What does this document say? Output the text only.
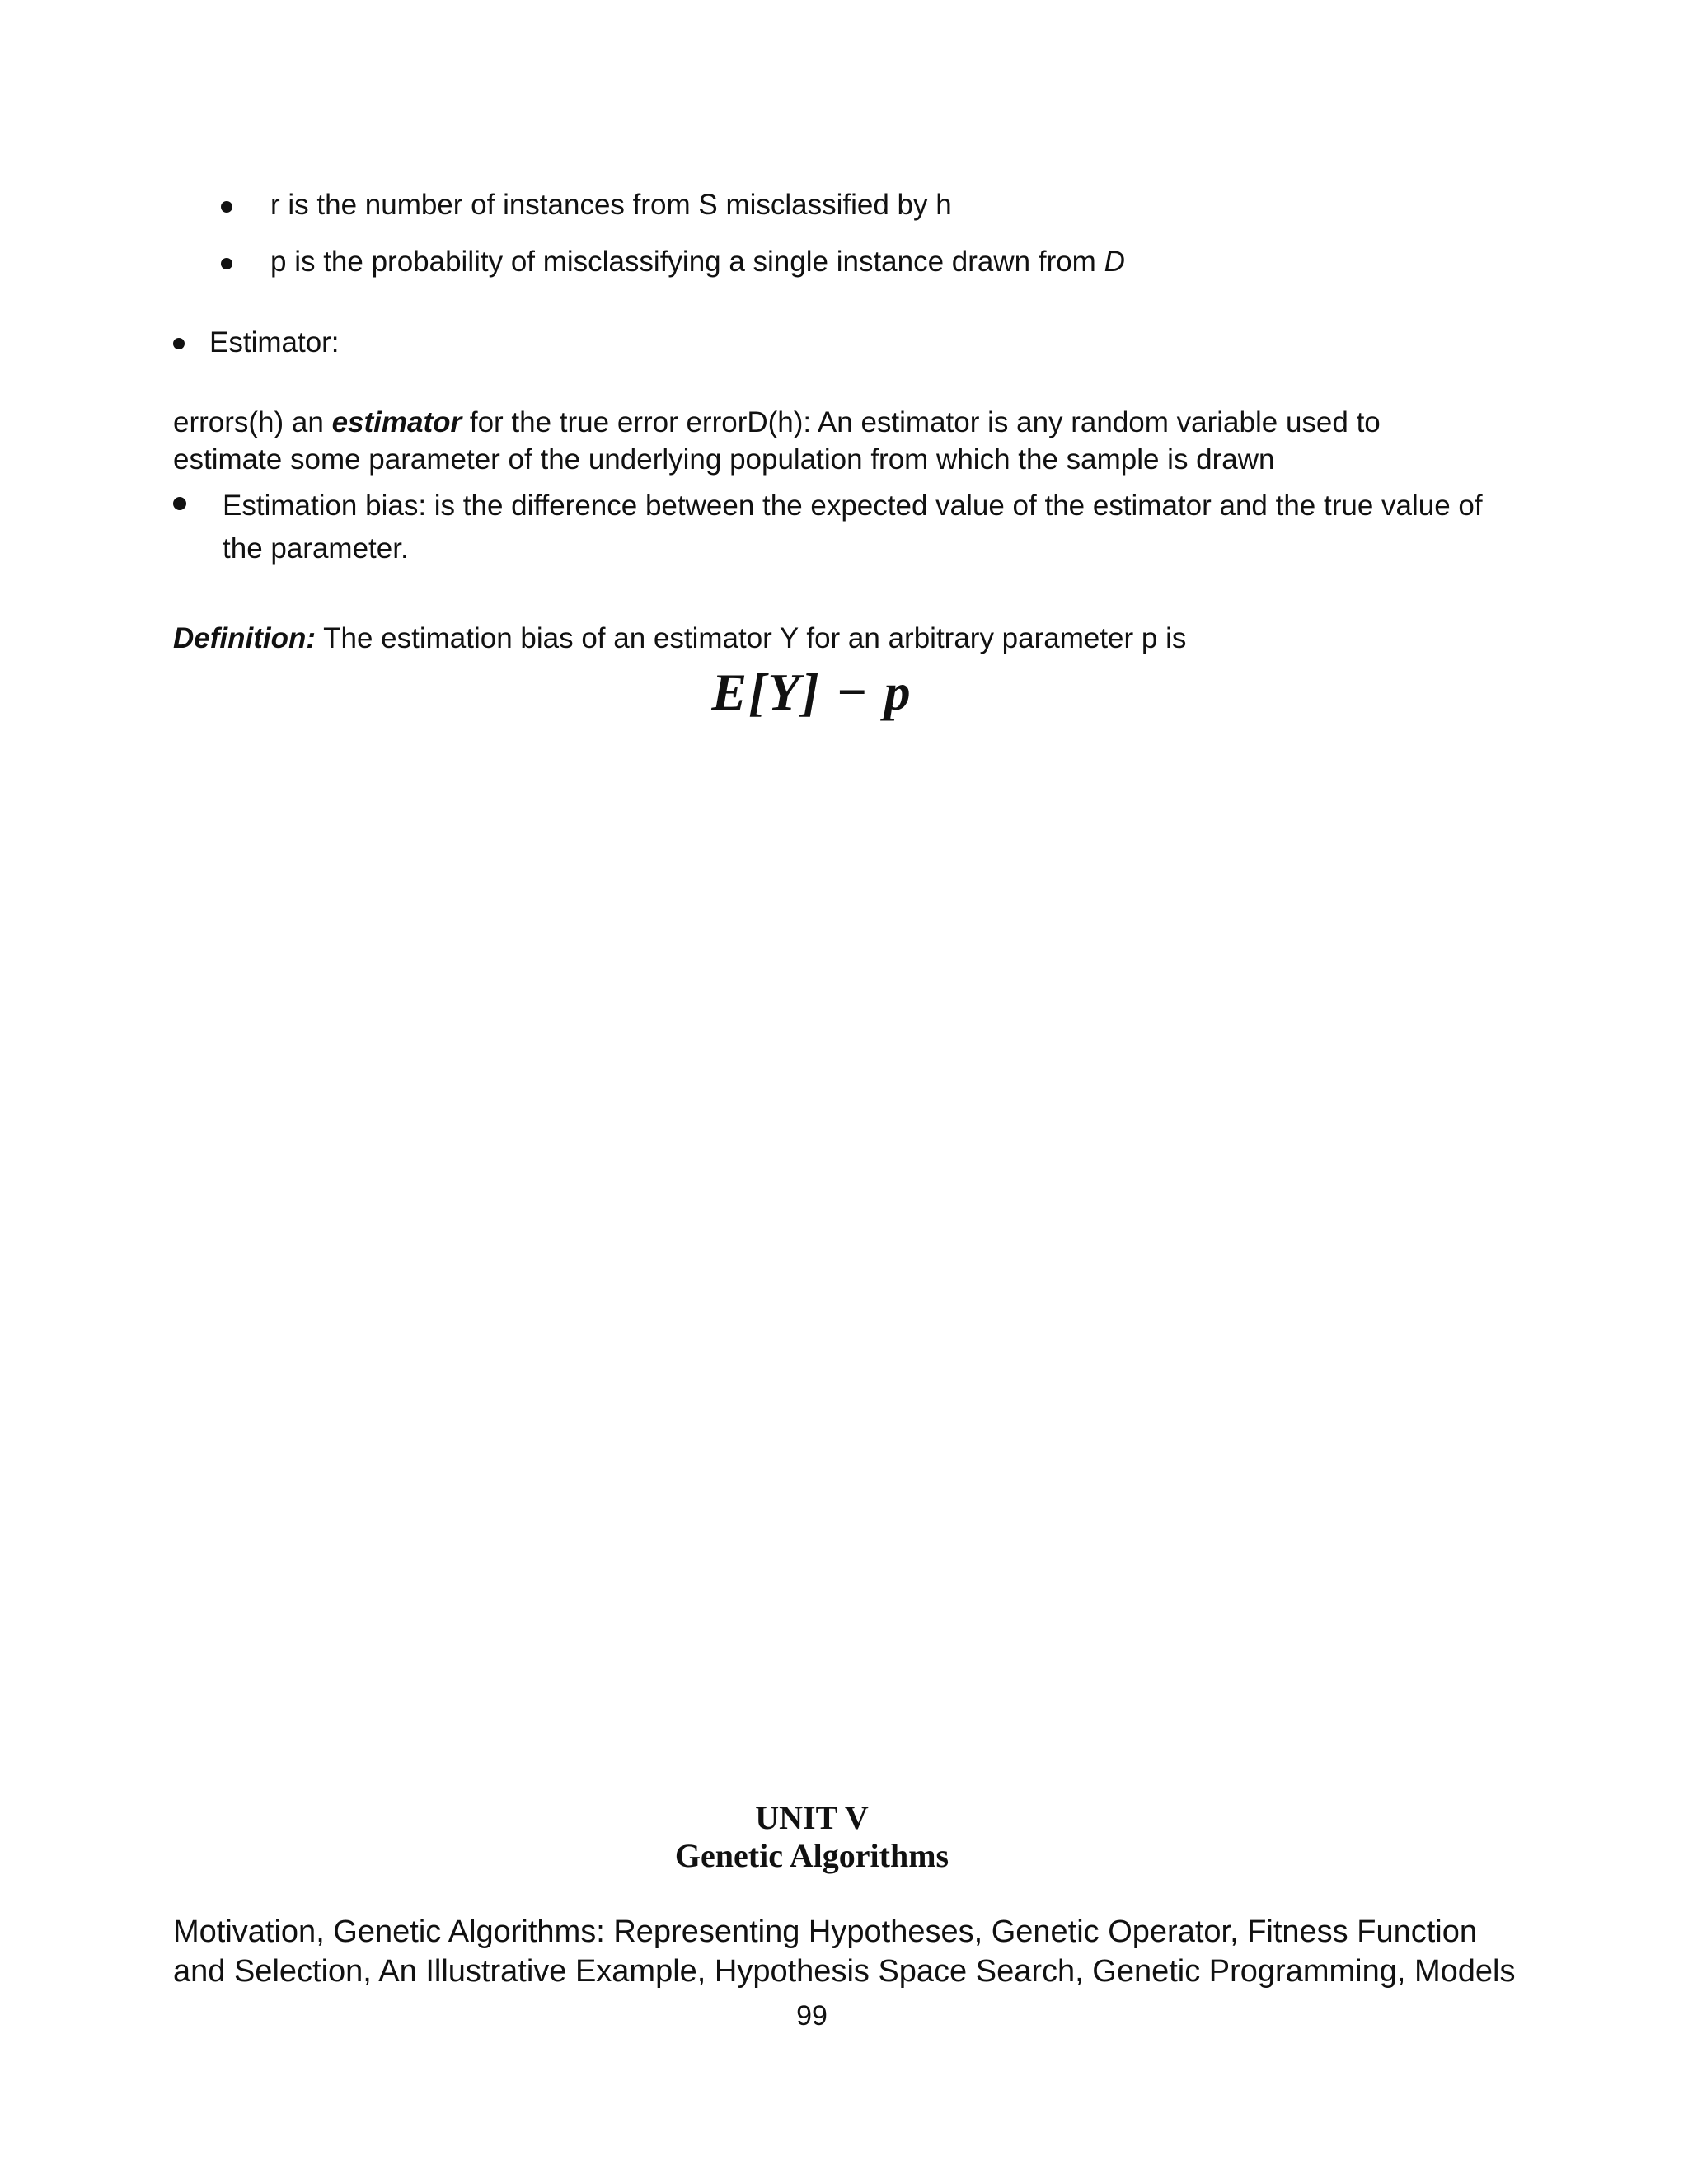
r is the number of instances from S misclassified by h
p is the probability of misclassifying a single instance drawn from D
Estimator:
errors(h) an estimator for the true error errorD(h): An estimator is any random variable used to
estimate some parameter of the underlying population from which the sample is drawn
Estimation bias: is the difference between the expected value of the estimator and the true value of
the parameter.
Definition: The estimation bias of an estimator Y for an arbitrary parameter p is
E[Y] − p
UNIT V
Genetic Algorithms
Motivation, Genetic Algorithms: Representing Hypotheses, Genetic Operator, Fitness Function
and Selection, An Illustrative Example, Hypothesis Space Search, Genetic Programming, Models
99
